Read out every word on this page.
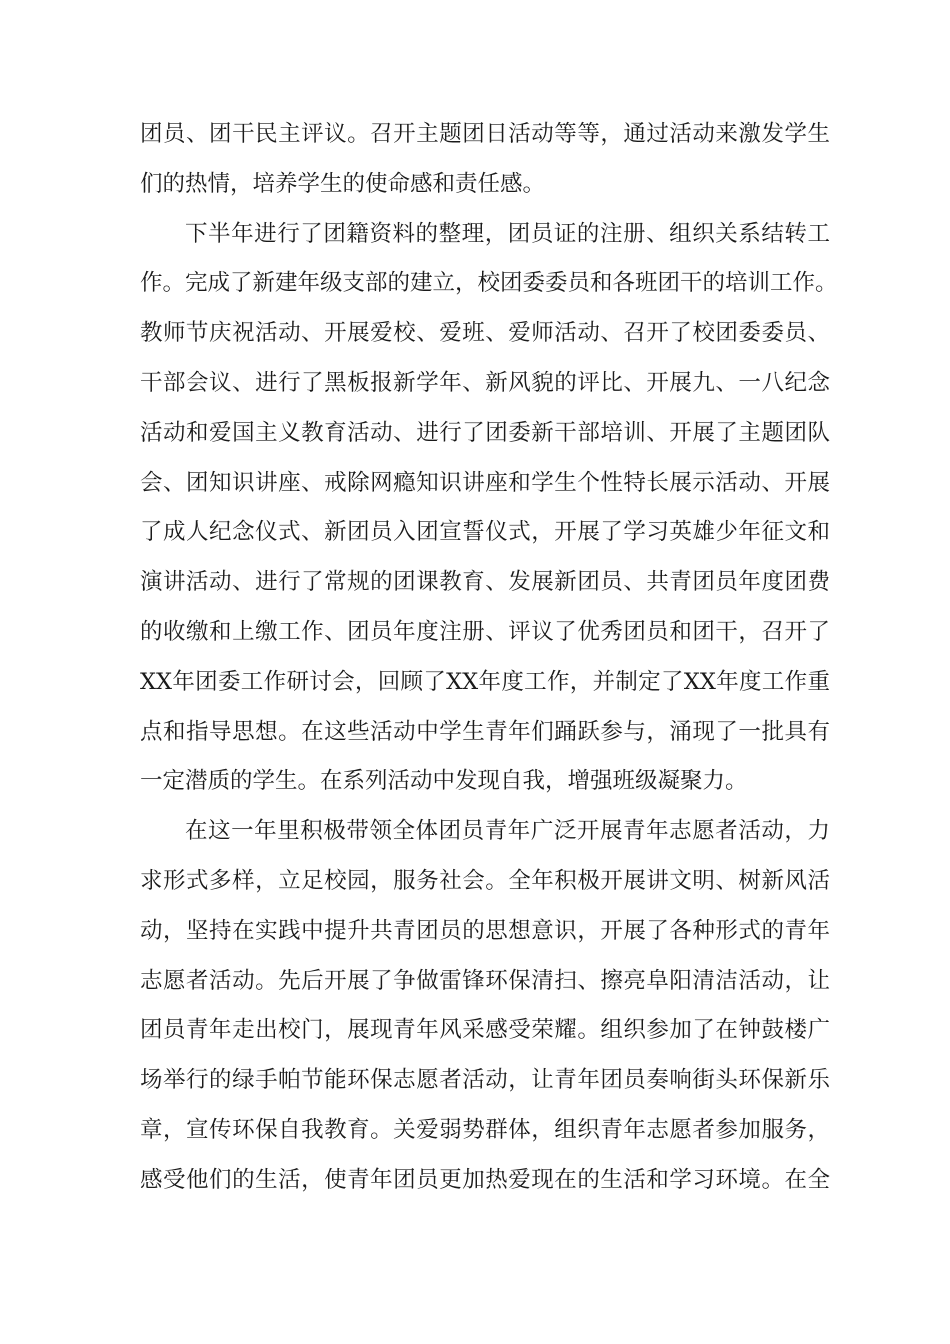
团员、团干民主评议。召开主题团日活动等等，通过活动来激发学生
们的热情，培养学生的使命感和责任感。
下半年进行了团籍资料的整理，团员证的注册、组织关系结转工
作。完成了新建年级支部的建立，校团委委员和各班团干的培训工作。
教师节庆祝活动、开展爱校、爱班、爱师活动、召开了校团委委员、
干部会议、进行了黑板报新学年、新风貌的评比、开展九、一八纪念
活动和爱国主义教育活动、进行了团委新干部培训、开展了主题团队
会、团知识讲座、戒除网瘾知识讲座和学生个性特长展示活动、开展
了成人纪念仪式、新团员入团宣誓仪式，开展了学习英雄少年征文和
演讲活动、进行了常规的团课教育、发展新团员、共青团员年度团费
的收缴和上缴工作、团员年度注册、评议了优秀团员和团干，召开了
XX年团委工作研讨会，回顾了XX年度工作，并制定了XX年度工作重
点和指导思想。在这些活动中学生青年们踊跃参与，涌现了一批具有
一定潜质的学生。在系列活动中发现自我，增强班级凝聚力。
在这一年里积极带领全体团员青年广泛开展青年志愿者活动，力
求形式多样，立足校园，服务社会。全年积极开展讲文明、树新风活
动，坚持在实践中提升共青团员的思想意识，开展了各种形式的青年
志愿者活动。先后开展了争做雷锋环保清扫、擦亮阜阳清洁活动，让
团员青年走出校门，展现青年风采感受荣耀。组织参加了在钟鼓楼广
场举行的绿手帕节能环保志愿者活动，让青年团员奏响街头环保新乐
章，宣传环保自我教育。关爱弱势群体，组织青年志愿者参加服务，
感受他们的生活，使青年团员更加热爱现在的生活和学习环境。在全
